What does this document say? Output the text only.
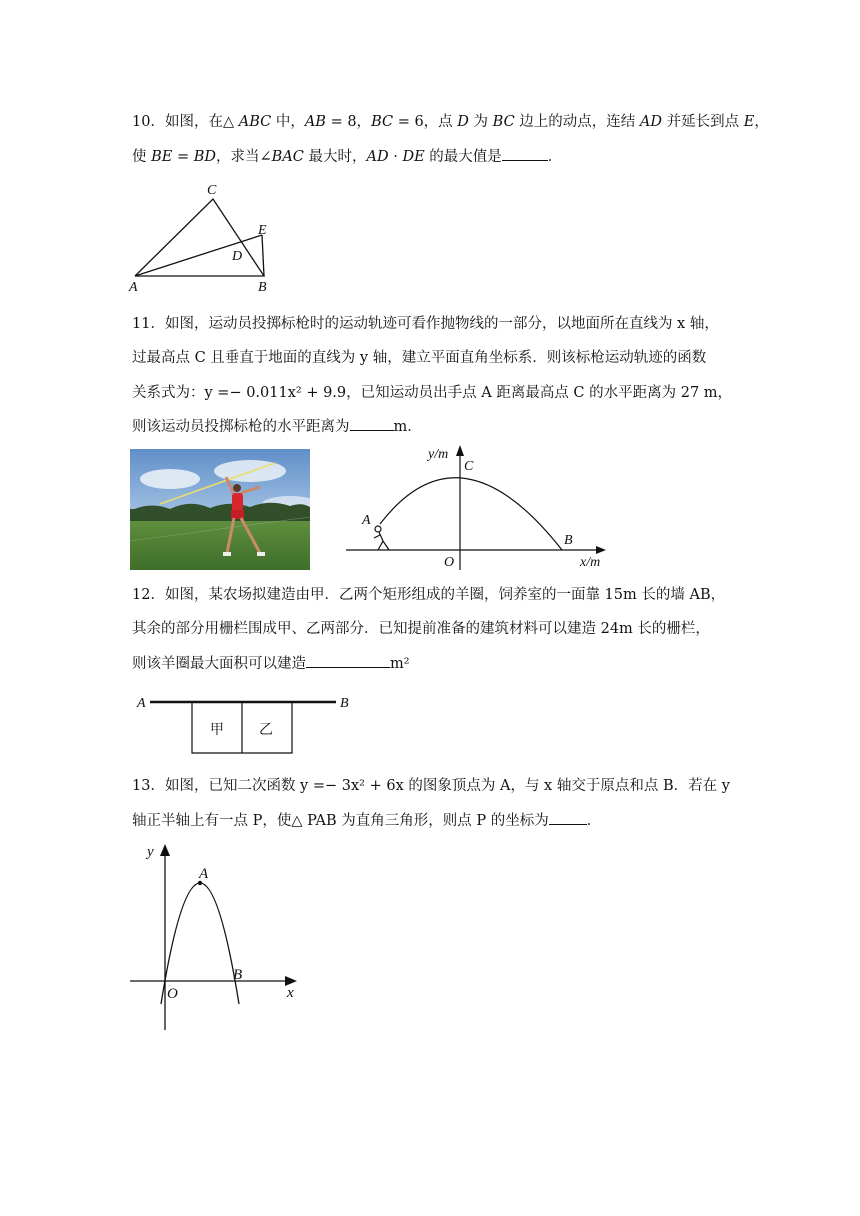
10．如图，在△ ABC 中，AB = 8，BC = 6，点 D 为 BC 边上的动点，连结 AD 并延长到点 E，
使 BE = BD，求当∠BAC 最大时，AD · DE 的最大值是	．
C
E
D
A	B
11．如图，运动员投掷标枪时的运动轨迹可看作抛物线的一部分，以地面所在直线为 x 轴，
过最高点 C 且垂直于地面的直线为 y 轴，建立平面直角坐标系．则该标枪运动轨迹的函数
关系式为：y =− 0.011x² + 9.9，已知运动员出手点 A 距离最高点 C 的水平距离为 27 m，
则该运动员投掷标枪的水平距离为	m．
y/m
C
A
O
B
x/m
12．如图，某农场拟建造由甲．乙两个矩形组成的羊圈，饲养室的一面靠 15m 长的墙 AB，
其余的部分用栅栏围成甲、乙两部分．已知提前准备的建筑材料可以建造 24m 长的栅栏，
则该羊圈最大面积可以建造	m²
A	B
甲	乙
13．如图，已知二次函数 y =− 3x² + 6x 的图象顶点为 A，与 x 轴交于原点和点 B．若在 y
轴正半轴上有一点 P，使△ PAB 为直角三角形，则点 P 的坐标为	．
y
A
B
O	x
